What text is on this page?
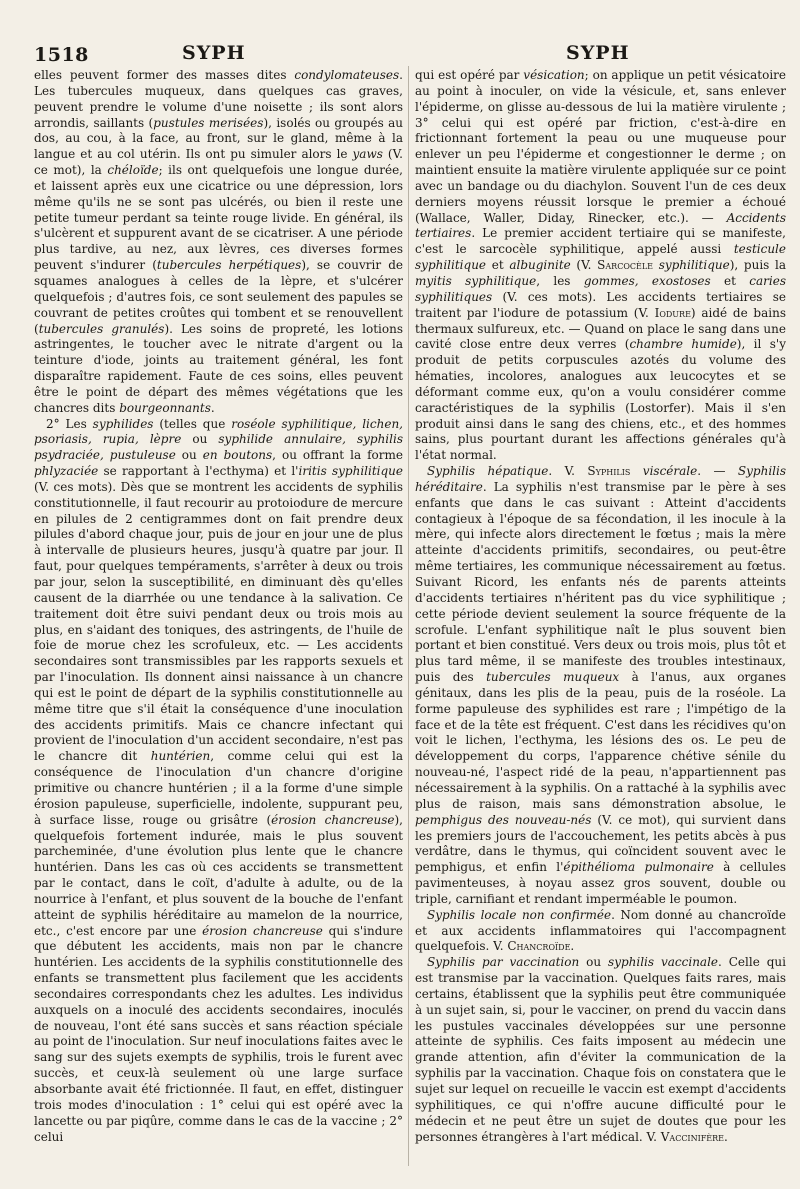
1518	SYPH	SYPH

elles peuvent former des masses dites condylomateuses. Les tubercules muqueux, dans quelques cas graves, peuvent prendre le volume d'une noisette ; ils sont alors arrondis, saillants (pustules merisées), isolés ou groupés au dos, au cou, à la face, au front, sur le gland, même à la langue et au col utérin. Ils ont pu simuler alors le yaws (V. ce mot), la chéloïde; ils ont quelquefois une longue durée, et laissent après eux une cicatrice ou une dépression, lors même qu'ils ne se sont pas ulcérés, ou bien il reste une petite tumeur perdant sa teinte rouge livide. En général, ils s'ulcèrent et suppurent avant de se cicatriser. A une période plus tardive, au nez, aux lèvres, ces diverses formes peuvent s'indurer (tubercules herpétiques), se couvrir de squames analogues à celles de la lèpre, et s'ulcérer quelquefois ; d'autres fois, ce sont seulement des papules se couvrant de petites croûtes qui tombent et se renouvellent (tubercules granulés). Les soins de propreté, les lotions astringentes, le toucher avec le nitrate d'argent ou la teinture d'iode, joints au traitement général, les font disparaître rapidement. Faute de ces soins, elles peuvent être le point de départ des mêmes végétations que les chancres dits bourgeonnants.

2° Les syphilides (telles que roséole syphilitique, lichen, psoriasis, rupia, lèpre ou syphilide annulaire, syphilis psydraciée, pustuleuse ou en boutons, ou offrant la forme phlyzaciée se rapportant à l'ecthyma) et l'iritis syphilitique (V. ces mots). Dès que se montrent les accidents de syphilis constitutionnelle, il faut recourir au protoiodure de mercure en pilules de 2 centigrammes dont on fait prendre deux pilules d'abord chaque jour, puis de jour en jour une de plus à intervalle de plusieurs heures, jusqu'à quatre par jour. Il faut, pour quelques tempéraments, s'arrêter à deux ou trois par jour, selon la susceptibilité, en diminuant dès qu'elles causent de la diarrhée ou une tendance à la salivation. Ce traitement doit être suivi pendant deux ou trois mois au plus, en s'aidant des toniques, des astringents, de l'huile de foie de morue chez les scrofuleux, etc. — Les accidents secondaires sont transmissibles par les rapports sexuels et par l'inoculation. Ils donnent ainsi naissance à un chancre qui est le point de départ de la syphilis constitutionnelle au même titre que s'il était la conséquence d'une inoculation des accidents primitifs. Mais ce chancre infectant qui provient de l'inoculation d'un accident secondaire, n'est pas le chancre dit huntérien, comme celui qui est la conséquence de l'inoculation d'un chancre d'origine primitive ou chancre huntérien ; il a la forme d'une simple érosion papuleuse, superficielle, indolente, suppurant peu, à surface lisse, rouge ou grisâtre (érosion chancreuse), quelquefois fortement indurée, mais le plus souvent parcheminée, d'une évolution plus lente que le chancre huntérien. Dans les cas où ces accidents se transmettent par le contact, dans le coït, d'adulte à adulte, ou de la nourrice à l'enfant, et plus souvent de la bouche de l'enfant atteint de syphilis héréditaire au mamelon de la nourrice, etc., c'est encore par une érosion chancreuse qui s'indure que débutent les accidents, mais non par le chancre huntérien. Les accidents de la syphilis constitutionnelle des enfants se transmettent plus facilement que les accidents secondaires correspondants chez les adultes. Les individus auxquels on a inoculé des accidents secondaires, inoculés de nouveau, l'ont été sans succès et sans réaction spéciale au point de l'inoculation. Sur neuf inoculations faites avec le sang sur des sujets exempts de syphilis, trois le furent avec succès, et ceux-là seulement où une large surface absorbante avait été frictionnée. Il faut, en effet, distinguer trois modes d'inoculation : 1° celui qui est opéré avec la lancette ou par piqûre, comme dans le cas de la vaccine ; 2° celui

qui est opéré par vésication; on applique un petit vésicatoire au point à inoculer, on vide la vésicule, et, sans enlever l'épiderme, on glisse au-dessous de lui la matière virulente ; 3° celui qui est opéré par friction, c'est-à-dire en frictionnant fortement la peau ou une muqueuse pour enlever un peu l'épiderme et congestionner le derme ; on maintient ensuite la matière virulente appliquée sur ce point avec un bandage ou du diachylon. Souvent l'un de ces deux derniers moyens réussit lorsque le premier a échoué (Wallace, Waller, Diday, Rinecker, etc.). — Accidents tertiaires. Le premier accident tertiaire qui se manifeste, c'est le sarcocèle syphilitique, appelé aussi testicule syphilitique et albuginite (V. Sarcocèle syphilitique), puis la myitis syphilitique, les gommes, exostoses et caries syphilitiques (V. ces mots). Les accidents tertiaires se traitent par l'iodure de potassium (V. Iodure) aidé de bains thermaux sulfureux, etc. — Quand on place le sang dans une cavité close entre deux verres (chambre humide), il s'y produit de petits corpuscules azotés du volume des hématies, incolores, analogues aux leucocytes et se déformant comme eux, qu'on a voulu considérer comme caractéristiques de la syphilis (Lostorfer). Mais il s'en produit ainsi dans le sang des chiens, etc., et des hommes sains, plus pourtant durant les affections générales qu'à l'état normal.

Syphilis hépatique. V. Syphilis viscérale. — Syphilis héréditaire. La syphilis n'est transmise par le père à ses enfants que dans le cas suivant : Atteint d'accidents contagieux à l'époque de sa fécondation, il les inocule à la mère, qui infecte alors directement le fœtus ; mais la mère atteinte d'accidents primitifs, secondaires, ou peut-être même tertiaires, les communique nécessairement au fœtus. Suivant Ricord, les enfants nés de parents atteints d'accidents tertiaires n'héritent pas du vice syphilitique ; cette période devient seulement la source fréquente de la scrofule. L'enfant syphilitique naît le plus souvent bien portant et bien constitué. Vers deux ou trois mois, plus tôt et plus tard même, il se manifeste des troubles intestinaux, puis des tubercules muqueux à l'anus, aux organes génitaux, dans les plis de la peau, puis de la roséole. La forme papuleuse des syphilides est rare ; l'impétigo de la face et de la tête est fréquent. C'est dans les récidives qu'on voit le lichen, l'ecthyma, les lésions des os. Le peu de développement du corps, l'apparence chétive sénile du nouveau-né, l'aspect ridé de la peau, n'appartiennent pas nécessairement à la syphilis. On a rattaché à la syphilis avec plus de raison, mais sans démonstration absolue, le pemphigus des nouveau-nés (V. ce mot), qui survient dans les premiers jours de l'accouchement, les petits abcès à pus verdâtre, dans le thymus, qui coïncident souvent avec le pemphigus, et enfin l'épithélioma pulmonaire à cellules pavimenteuses, à noyau assez gros souvent, double ou triple, carnifiant et rendant imperméable le poumon.

Syphilis locale non confirmée. Nom donné au chancroïde et aux accidents inflammatoires qui l'accompagnent quelquefois. V. Chancroïde.

Syphilis par vaccination ou syphilis vaccinale. Celle qui est transmise par la vaccination. Quelques faits rares, mais certains, établissent que la syphilis peut être communiquée à un sujet sain, si, pour le vacciner, on prend du vaccin dans les pustules vaccinales développées sur une personne atteinte de syphilis. Ces faits imposent au médecin une grande attention, afin d'éviter la communication de la syphilis par la vaccination. Chaque fois on constatera que le sujet sur lequel on recueille le vaccin est exempt d'accidents syphilitiques, ce qui n'offre aucune difficulté pour le médecin et ne peut être un sujet de doutes que pour les personnes étrangères à l'art médical. V. Vaccinifère.
